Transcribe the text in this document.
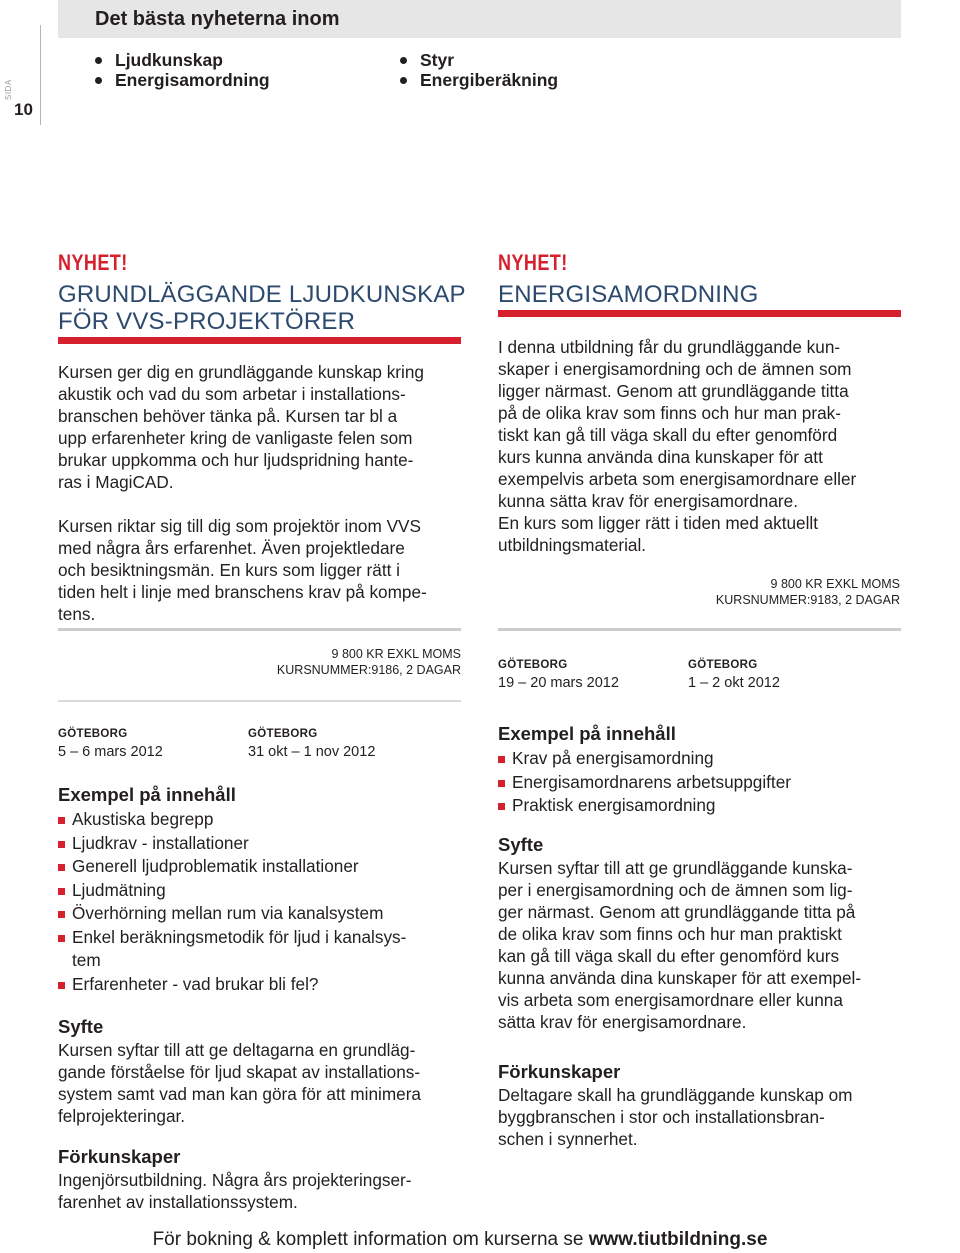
SIDA
10
Det bästa nyheterna inom
Ljudkunskap
Energisamordning
Styr
Energiberäkning
NYHET!
GRUNDLÄGGANDE LJUDKUNSKAP
FÖR VVS-PROJEKTÖRER

Kursen ger dig en grundläggande kunskap kring
akustik och vad du som arbetar i installations-
branschen behöver tänka på. Kursen tar bl a
upp erfarenheter kring de vanligaste felen som
brukar uppkomma och hur ljudspridning hante-
ras i MagiCAD.

Kursen riktar sig till dig som projektör inom VVS
med några års erfarenhet. Även projektledare
och besiktningsmän. En kurs som ligger rätt i
tiden helt i linje med branschens krav på kompe-
tens.

9 800 KR EXKL MOMS
KURSNUMMER:9186, 2 DAGAR
GÖTEBORG
5 – 6 mars 2012
GÖTEBORG
31 okt – 1 nov 2012
Exempel på innehåll
Akustiska begrepp
Ljudkrav - installationer
Generell ljudproblematik installationer
Ljudmätning
Överhörning mellan rum via kanalsystem
Enkel beräkningsmetodik för ljud i kanalsys-
tem
Erfarenheter - vad brukar bli fel?
Syfte

Kursen syftar till att ge deltagarna en grundläg-
gande förståelse för ljud skapat av installations-
system samt vad man kan göra för att minimera
felprojekteringar.

Förkunskaper

Ingenjörsutbildning. Några års projekteringser-
farenhet av installationssystem.

NYHET!
ENERGISAMORDNING

I denna utbildning får du grundläggande kun-
skaper i energisamordning och de ämnen som
ligger närmast. Genom att grundläggande titta
på de olika krav som finns och hur man prak-
tiskt kan gå till väga skall du efter genomförd
kurs kunna använda dina kunskaper för att
exempelvis arbeta som energisamordnare eller
kunna sätta krav för energisamordnare.
En kurs som ligger rätt i tiden med aktuellt
utbildningsmaterial.

9 800 KR EXKL MOMS
KURSNUMMER:9183, 2 DAGAR
GÖTEBORG
19 – 20 mars 2012
GÖTEBORG
1 – 2 okt 2012
Exempel på innehåll
Krav på energisamordning
Energisamordnarens arbetsuppgifter
Praktisk energisamordning
Syfte

Kursen syftar till att ge grundläggande kunska-
per i energisamordning och de ämnen som lig-
ger närmast. Genom att grundläggande titta på
de olika krav som finns och hur man praktiskt
kan gå till väga skall du efter genomförd kurs
kunna använda dina kunskaper för att exempel-
vis arbeta som energisamordnare eller kunna
sätta krav för energisamordnare.

Förkunskaper

Deltagare skall ha grundläggande kunskap om
byggbranschen i stor och installationsbran-
schen i synnerhet.

För bokning & komplett information om kurserna se www.tiutbildning.se
